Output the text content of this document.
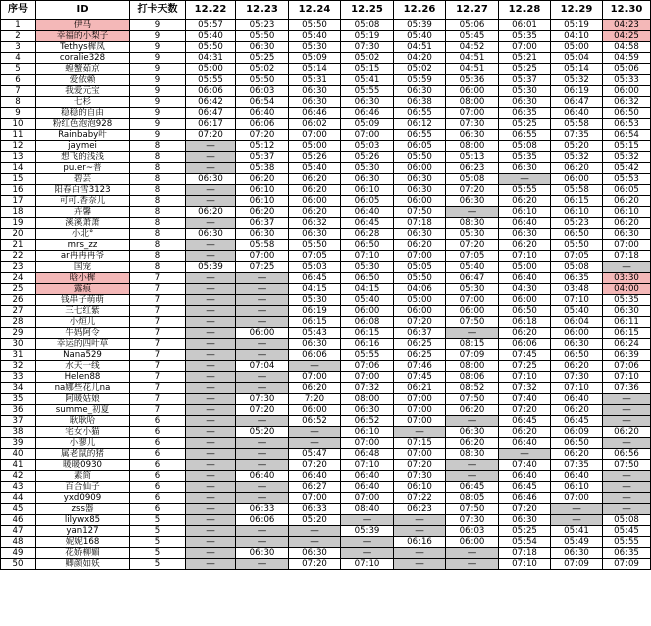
序号	ID	打卡天数	12.22	12.23	12.24	12.25	12.26	12.27	12.28	12.29	12.30
1	伊马	9	05:57	05:23	05:50	05:08	05:39	05:06	06:01	05:19	04:23
2	幸福的小梨子	9	05:40	05:50	05:40	05:19	05:40	05:45	05:35	04:10	04:25
3	Tethys樨凤	9	05:50	06:30	05:30	07:30	04:51	04:52	07:00	05:00	04:58
4	coralie328	9	04:31	05:25	05:09	05:02	04:20	04:51	05:21	05:04	04:59
5	蝗蟹茹京	9	05:00	05:02	05:14	05:15	05:02	04:51	05:25	05:14	05:06
6	爱依赖	9	05:55	05:50	05:31	05:41	05:59	05:36	05:37	05:32	05:33
7	我爱元宝	9	06:06	06:03	06:30	05:55	06:30	06:00	05:30	06:19	06:00
8	七杉	9	06:42	06:54	06:30	06:30	06:38	08:00	06:30	06:47	06:32
9	稳稳的自由	9	06:47	06:40	06:46	06:46	06:55	07:00	06:35	06:40	06:50
10	粉红色泡泡928	9	06:17	06:06	06:02	05:09	06:12	07:30	05:25	05:58	06:53
11	Rainbaby叶	9	07:20	07:20	07:00	07:00	06:55	06:30	06:55	07:35	06:54
12	jaymei	8	—	05:12	05:00	05:03	06:05	08:00	05:08	05:20	05:15
13	想飞的浅浅	8	—	05:37	05:26	05:26	05:50	05:13	05:35	05:32	05:32
14	pu.er~普	8	—	05:38	05:40	05:30	06:00	06:23	06:30	06:20	05:42
15	碧芸	8	06:30	06:20	06:20	06:30	06:30	05:08	—	06:00	05:53
16	阳春白雪3123	8	—	06:10	06:20	06:10	06:30	07:20	05:55	05:58	06:05
17	可可.香奈儿	8	—	06:10	06:00	06:05	06:00	06:30	06:20	06:15	06:20
18	卉馨	8	06:20	06:20	06:20	06:40	07:50	—	06:10	06:10	06:10
19	溪溪萧萧	8	—	06:37	06:32	06:45	07:18	08:30	06:40	05:23	06:20
20	小北°	8	06:30	06:30	06:30	06:28	06:30	05:30	06:30	06:50	06:30
21	mrs_zz	8	—	05:58	05:50	06:50	06:20	07:20	06:20	05:50	07:00
22	ar冉冉冉爷	8	—	07:00	07:05	07:10	07:00	07:05	07:10	07:05	07:18
23	国宠	8	05:39	07:25	05:03	05:30	05:05	05:40	05:00	05:08	—
24	晗小樨	7	—	—	06:45	06:50	05:50	06:47	06:40	06:35	03:30
25	露痕	7	—	—	04:15	04:15	04:06	05:30	04:30	03:48	04:00
26	钱串子萌萌	7	—	—	05:30	05:40	05:00	07:00	06:00	07:10	05:35
27	三七红紫	7	—	—	06:19	06:00	06:00	06:00	06:50	05:40	06:30
28	小烜儿	7	—	—	06:15	06:08	07:20	07:50	06:18	06:04	06:11
29	牛妈阿令	7	—	06:00	05:43	06:15	06:37	—	06:20	06:00	06:15
30	幸运的四叶草	7	—	—	06:30	06:16	06:25	08:15	06:06	06:30	06:24
31	Nana529	7	—	—	06:06	05:55	06:25	07:09	07:45	06:50	06:39
32	水天一线	7	—	07:04	—	07:06	07:46	08:00	07:25	06:20	07:06
33	Helen88	7	—	—	07:00	07:00	07:45	08:06	07:10	07:30	07:10
34	na娜些花儿na	7	—	—	06:20	07:32	06:21	08:52	07:32	07:10	07:36
35	阿暖姑娘	7	—	07:30	7:20	08:00	07:00	07:50	07:40	06:40	—
36	summe_初夏	7	—	07:20	06:00	06:30	07:00	06:20	07:20	06:20	—
37	耿耿哈	6	—	—	06:52	06:52	07:00	—	06:45	06:45	—
38	宅女小猫	6	—	05:20	—	06:10	—	06:30	06:20	06:09	06:20
39	小蓼儿	6	—	—	—	07:00	07:15	06:20	06:40	06:50	—
40	属老鼠的猪	6	—	—	05:47	06:48	07:00	08:30	—	06:20	06:56
41	暖暖0930	6	—	—	07:20	07:10	07:20	—	07:40	07:35	07:50
42	素简	6	—	06:40	06:40	06:40	07:30	—	06:40	06:40	—
43	百合仙子	6	—	—	06:27	06:40	06:10	06:45	06:45	06:10	—
44	yxd0909	6	—	—	07:00	07:00	07:22	08:05	06:46	07:00	—
45	zss器	6	—	06:33	06:33	08:40	06:23	07:50	07:20	—	—
46	lilywx85	5	—	06:06	05:20	—	—	07:30	06:30	—	05:08
47	yan127	5	—	—	—	05:39	—	06:03	05:25	05:41	05:45
48	妮妮168	5	—	—	—	—	06:16	06:00	05:54	05:49	05:55
49	花娇柳媚	5	—	06:30	06:30	—	—	—	07:18	06:30	06:35
50	卿颜如妖	5	—	—	07:20	07:10	—	—	07:10	07:09	07:09
